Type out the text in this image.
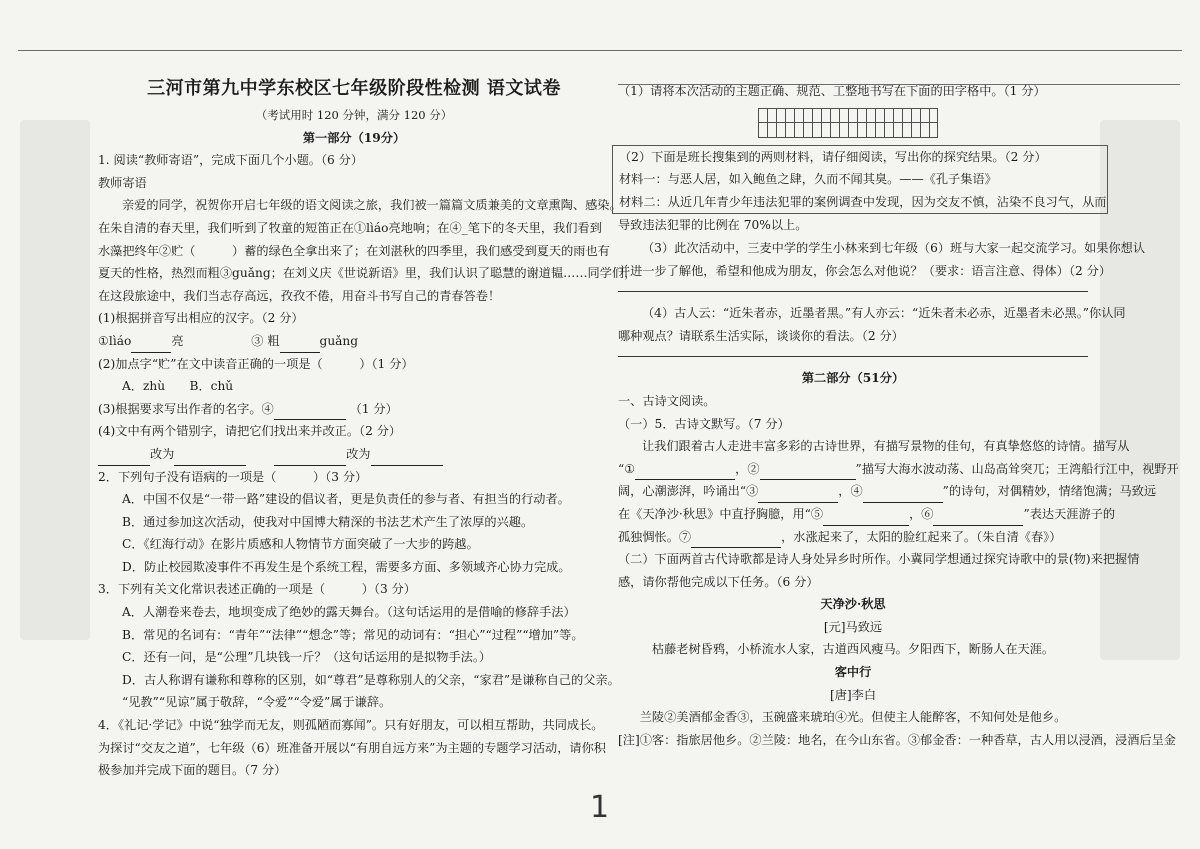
三河市第九中学东校区七年级阶段性检测 语文试卷
（考试用时 120 分钟，满分 120 分）
第一部分（19分）
1. 阅读“教师寄语”，完成下面几个小题。（6 分）
教师寄语
亲爱的同学，祝贺你开启七年级的语文阅读之旅，我们被一篇篇文质兼美的文章熏陶、感染。
在朱自清的春天里，我们听到了牧童的短笛正在①lìáo亮地响；在④_笔下的冬天里，我们看到
水藻把终年②贮（　　　）蓄的绿色全拿出来了；在刘湛秋的四季里，我们感受到夏天的雨也有
夏天的性格，热烈而粗③guǎng；在刘义庆《世说新语》里，我们认识了聪慧的谢道韫……同学们，
在这段旅途中，我们当志存高远，孜孜不倦，用奋斗书写自己的青春答卷！
(1)根据拼音写出相应的汉字。（2 分）
①lìáo	亮	③ 粗	guǎng
(2)加点字“贮”在文中读音正确的一项是（　　　）（1 分）
A．zhù　　B．chǔ
(3)根据要求写出作者的名字。④	（1 分）
(4)文中有两个错别字，请把它们找出来并改正。（2 分）
改为	改为
2．下列句子没有语病的一项是（　　　）（3 分）
A．中国不仅是“一带一路”建设的倡议者，更是负责任的参与者、有担当的行动者。
B．通过参加这次活动，使我对中国博大精深的书法艺术产生了浓厚的兴趣。
C．《红海行动》在影片质感和人物情节方面突破了一大步的跨越。
D．防止校园欺凌事件不再发生是个系统工程，需要多方面、多领域齐心协力完成。
3．下列有关文化常识表述正确的一项是（　　　）（3 分）
A．人潮卷来卷去，地坝变成了绝妙的露天舞台。（这句话运用的是借喻的修辞手法）
B．常见的名词有：“青年”“法律”“想念”等；常见的动词有：“担心”“过程”“增加”等。
C．还有一问，是“公理”几块钱一斤？（这句话运用的是拟物手法。）
D．古人称谓有谦称和尊称的区别，如“尊君”是尊称别人的父亲，“家君”是谦称自己的父亲。
“见教”“见谅”属于敬辞，“令爱”“令爱”属于谦辞。
4．《礼记·学记》中说“独学而无友，则孤陋而寡闻”。只有好朋友，可以相互帮助，共同成长。
为探讨“交友之道”，七年级（6）班准备开展以“有朋自远方来”为主题的专题学习活动，请你积
极参加并完成下面的题目。（7 分）
（1）请将本次活动的主题正确、规范、工整地书写在下面的田字格中。（1 分）
（2）下面是班长搜集到的两则材料，请仔细阅读，写出你的探究结果。（2 分）
材料一：与恶人居，如入鲍鱼之肆，久而不闻其臭。——《孔子集语》
材料二：从近几年青少年违法犯罪的案例调查中发现，因为交友不慎，沾染不良习气，从而
导致违法犯罪的比例在 70%以上。
（3）此次活动中，三麦中学的学生小林来到七年级（6）班与大家一起交流学习。如果你想认
并进一步了解他，希望和他成为朋友，你会怎么对他说？（要求：语言注意、得体）（2 分）
（4）古人云：“近朱者赤，近墨者黑。”有人亦云：“近朱者未必赤，近墨者未必黑。”你认同
哪种观点？请联系生活实际，谈谈你的看法。（2 分）
第二部分（51分）
一、古诗文阅读。
（一）5．古诗文默写。（7 分）
让我们跟着古人走进丰富多彩的古诗世界，有描写景物的佳句，有真挚悠悠的诗情。描写从
“①	，②	”描写大海水波动荡、山岛高耸突兀；王湾船行江中，视野开
阔，心潮澎湃，吟诵出“③	，④	”的诗句，对偶精妙，情绪饱满；马致远
在《天净沙·秋思》中直抒胸臆，用“⑤	，⑥	”表达天涯游子的
孤独惆怅。⑦	，水涨起来了，太阳的脸红起来了。（朱自清《春》）
（二）下面两首古代诗歌都是诗人身处异乡时所作。小冀同学想通过探究诗歌中的景(物)来把握情
感，请你帮他完成以下任务。（6 分）
天净沙·秋思
[元]马致远
枯藤老树昏鸦，小桥流水人家，古道西风瘦马。夕阳西下，断肠人在天涯。
客中行
[唐]李白
兰陵②美酒郁金香③，玉碗盛来琥珀④光。但使主人能醉客，不知何处是他乡。
[注]①客：指旅居他乡。②兰陵：地名，在今山东省。③郁金香：一种香草，古人用以浸酒，浸酒后呈金
1
